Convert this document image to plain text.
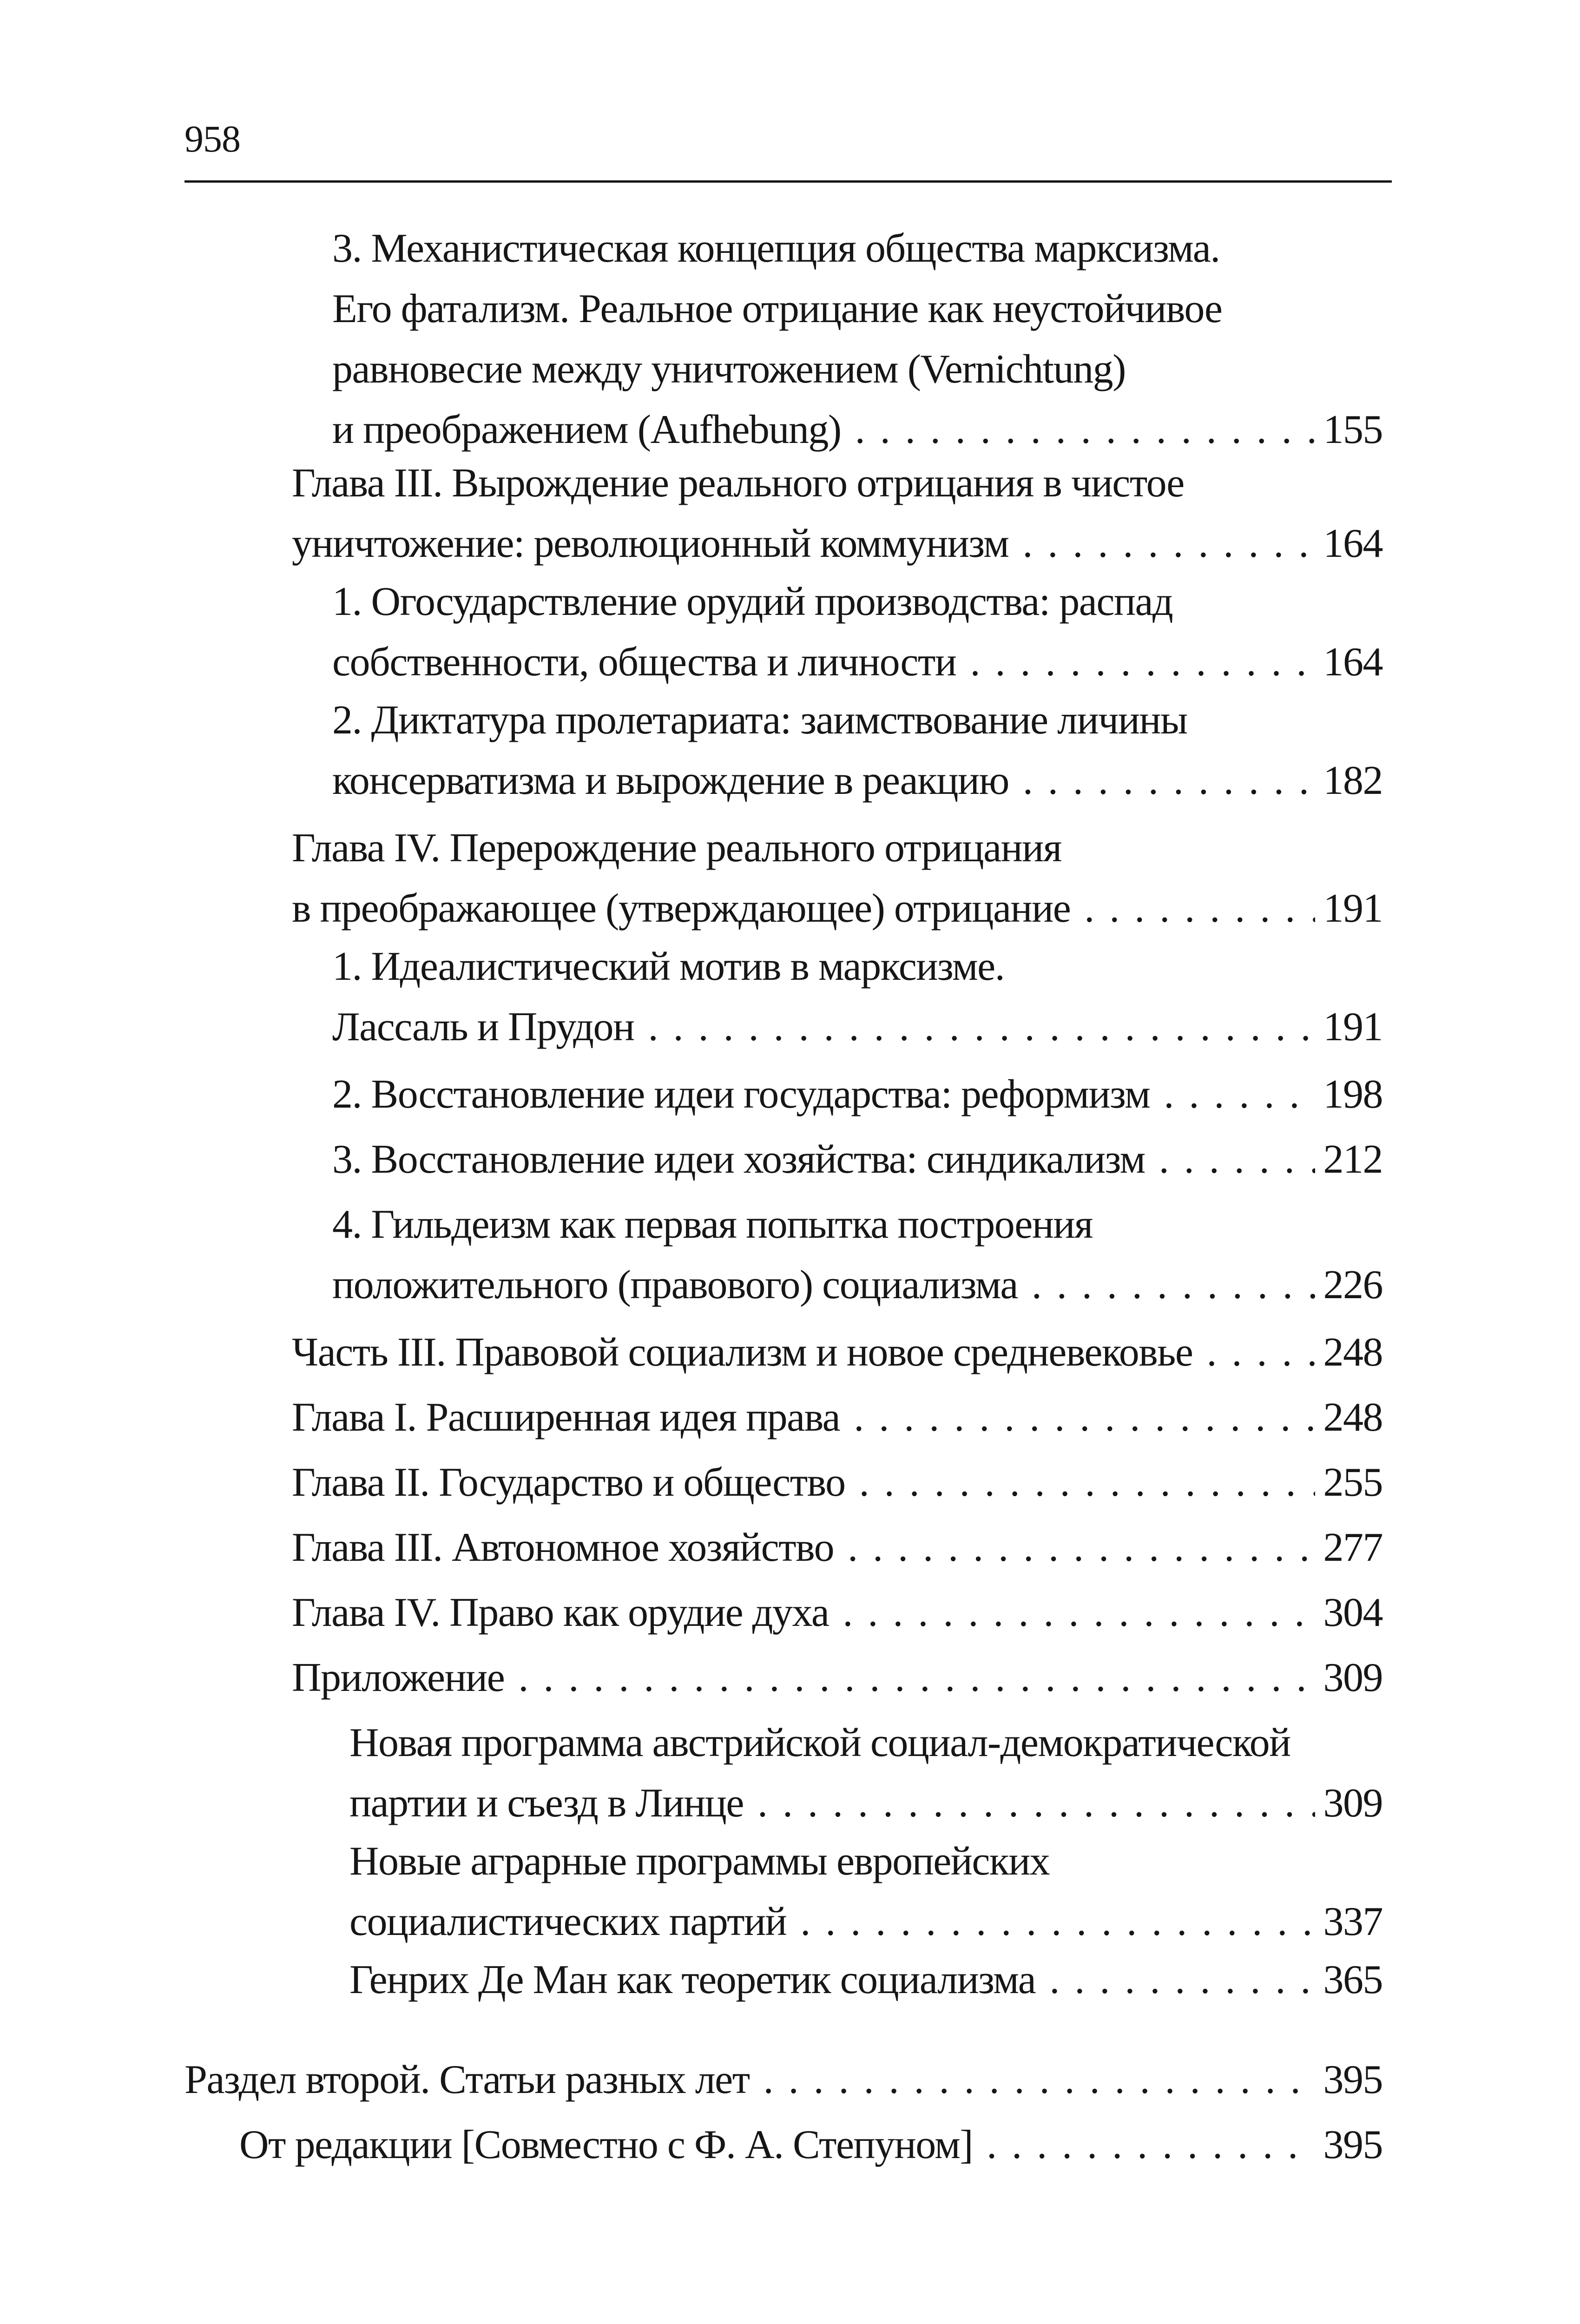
958
3. Механистическая концепция общества марксизма.
Его фатализм. Реальное отрицание как неустойчивое
равновесие между уничтожением (Vernichtung)
и преображением (Aufhebung) . . .	155
Глава III. Вырождение реального отрицания в чистое
уничтожение: революционный коммунизм . . .	164
1. Огосударствление орудий производства: распад
собственности, общества и личности . . .	164
2. Диктатура пролетариата: заимствование личины
консерватизма и вырождение в реакцию . . .	182
Глава IV. Перерождение реального отрицания
в преображающее (утверждающее) отрицание . . .	191
1. Идеалистический мотив в марксизме.
Лассаль и Прудон . . .	191
2. Восстановление идеи государства: реформизм . . .	198
3. Восстановление идеи хозяйства: синдикализм . . .	212
4. Гильдеизм как первая попытка построения
положительного (правового) социализма . . .	226
Часть III. Правовой социализм и новое средневековье . . .	248
Глава I. Расширенная идея права . . .	248
Глава II. Государство и общество . . .	255
Глава III. Автономное хозяйство . . .	277
Глава IV. Право как орудие духа . . .	304
Приложение . . .	309
Новая программа австрийской социал-демократической
партии и съезд в Линце . . .	309
Новые аграрные программы европейских
социалистических партий . . .	337
Генрих Де Ман как теоретик социализма . . .	365
Раздел второй. Статьи разных лет . . .	395
От редакции [Совместно с Ф. А. Степуном] . . .	395
